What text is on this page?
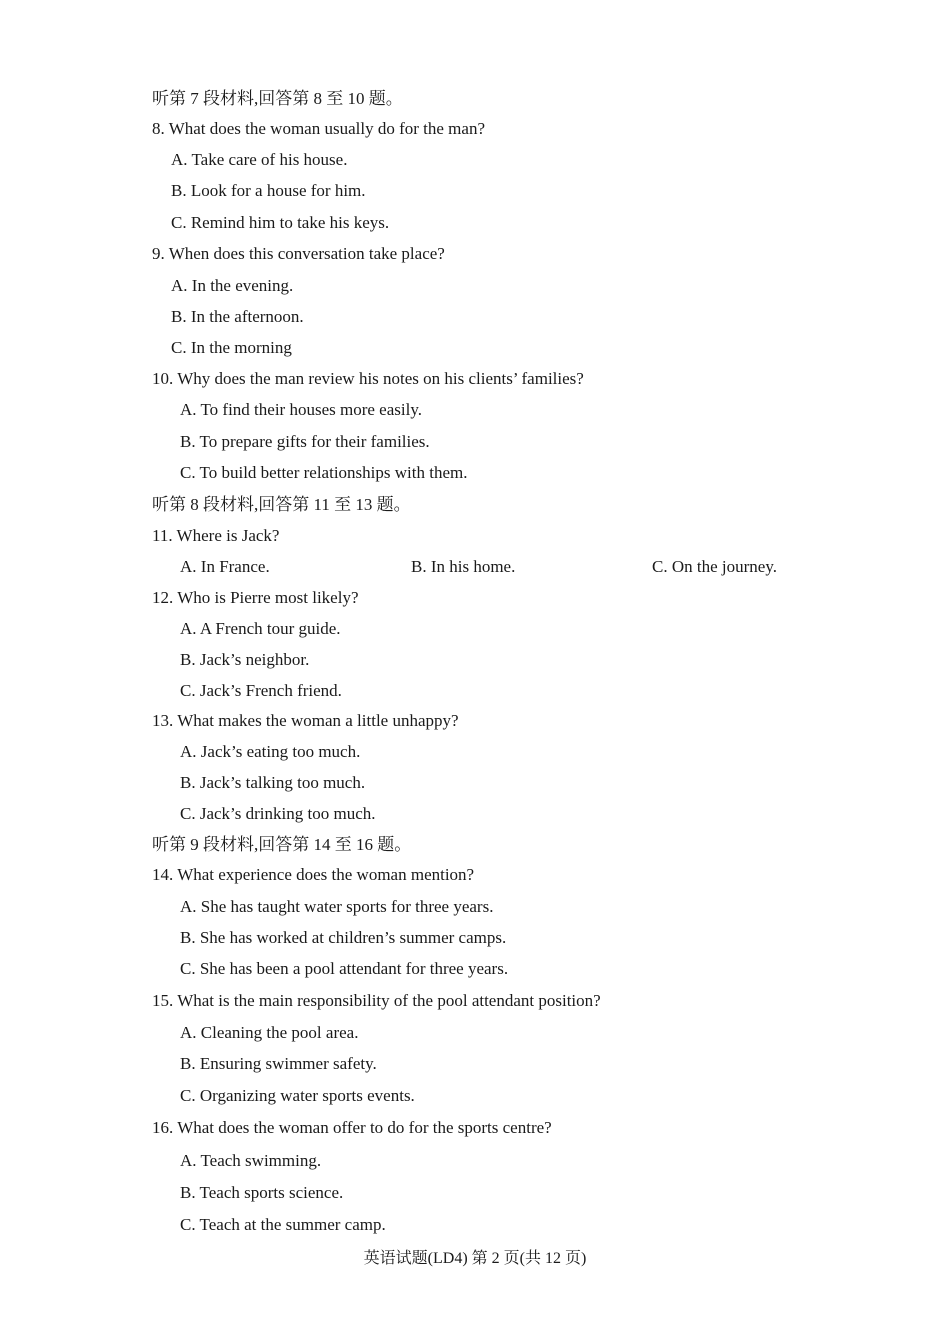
听第 7 段材料,回答第 8 至 10 题。
8. What does the woman usually do for the man?
A. Take care of his house.
B. Look for a house for him.
C. Remind him to take his keys.
9. When does this conversation take place?
A. In the evening.
B. In the afternoon.
C. In the morning
10. Why does the man review his notes on his clients’ families?
A. To find their houses more easily.
B. To prepare gifts for their families.
C. To build better relationships with them.
听第 8 段材料,回答第 11 至 13 题。
11. Where is Jack?
A. In France.	B. In his home.	C. On the journey.
12. Who is Pierre most likely?
A. A French tour guide.
B. Jack’s neighbor.
C. Jack’s French friend.
13. What makes the woman a little unhappy?
A. Jack’s eating too much.
B. Jack’s talking too much.
C. Jack’s drinking too much.
听第 9 段材料,回答第 14 至 16 题。
14. What experience does the woman mention?
A. She has taught water sports for three years.
B. She has worked at children’s summer camps.
C. She has been a pool attendant for three years.
15. What is the main responsibility of the pool attendant position?
A. Cleaning the pool area.
B. Ensuring swimmer safety.
C. Organizing water sports events.
16. What does the woman offer to do for the sports centre?
A. Teach swimming.
B. Teach sports science.
C. Teach at the summer camp.
英语试题(LD4) 第 2 页(共 12 页)
